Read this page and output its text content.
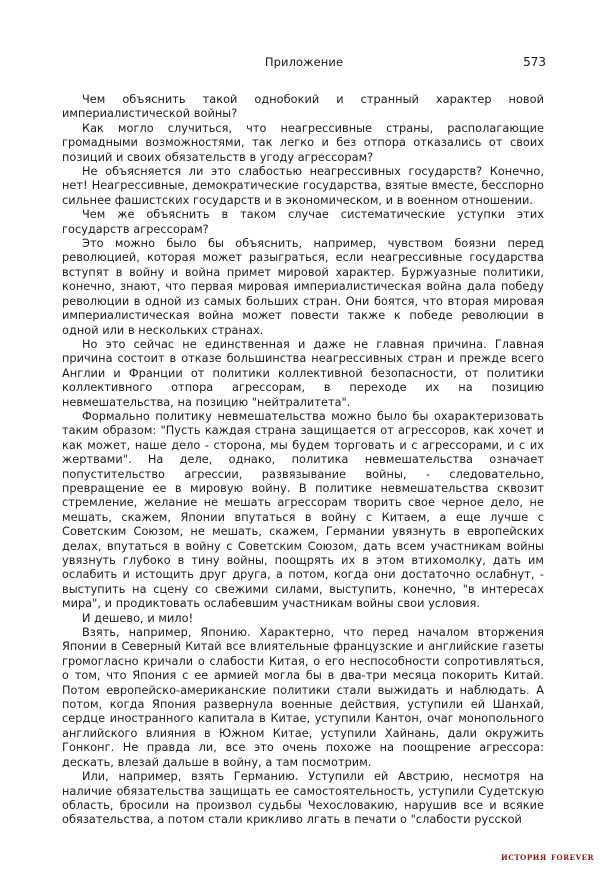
Приложение	573

Чем объяснить такой однобокий и странный характер новой империалистической войны?

Как могло случиться, что неагрессивные страны, располагающие громадными возможностями, так легко и без отпора отказались от своих позиций и своих обязательств в угоду агрессорам?

Не объясняется ли это слабостью неагрессивных государств? Конечно, нет! Неагрессивные, демократические государства, взятые вместе, бесспорно сильнее фашистских государств и в экономическом, и в военном отношении.

Чем же объяснить в таком случае систематические уступки этих государств агрессорам?

Это можно было бы объяснить, например, чувством боязни перед революцией, которая может разыграться, если неагрессивные государства вступят в войну и война примет мировой характер. Буржуазные политики, конечно, знают, что первая мировая империалистическая война дала победу революции в одной из самых больших стран. Они боятся, что вторая мировая империалистическая война может повести также к победе революции в одной или в нескольких странах.

Но это сейчас не единственная и даже не главная причина. Главная причина состоит в отказе большинства неагрессивных стран и прежде всего Англии и Франции от политики коллективной безопасности, от политики коллективного отпора агрессорам, в переходе их на позицию невмешательства, на позицию "нейтралитета".

Формально политику невмешательства можно было бы охарактеризовать таким образом: "Пусть каждая страна защищается от агрессоров, как хочет и как может, наше дело - сторона, мы будем торговать и с агрессорами, и с их жертвами". На деле, однако, политика невмешательства означает попустительство агрессии, развязывание войны, - следовательно, превращение ее в мировую войну. В политике невмешательства сквозит стремление, желание не мешать агрессорам творить свое черное дело, не мешать, скажем, Японии впутаться в войну с Китаем, а еще лучше с Советским Союзом, не мешать, скажем, Германии увязнуть в европейских делах, впутаться в войну с Советским Союзом, дать всем участникам войны увязнуть глубоко в тину войны, поощрять их в этом втихомолку, дать им ослабить и истощить друг друга, а потом, когда они достаточно ослабнут, - выступить на сцену со свежими силами, выступить, конечно, "в интересах мира", и продиктовать ослабевшим участникам войны свои условия.

И дешево, и мило!

Взять, например, Японию. Характерно, что перед началом вторжения Японии в Северный Китай все влиятельные французские и английские газеты громогласно кричали о слабости Китая, о его неспособности сопротивляться, о том, что Япония с ее армией могла бы в два-три месяца покорить Китай. Потом европейско-американские политики стали выжидать и наблюдать. А потом, когда Япония развернула военные действия, уступили ей Шанхай, сердце иностранного капитала в Китае, уступили Кантон, очаг монопольного английского влияния в Южном Китае, уступили Хайнань, дали окружить Гонконг. Не правда ли, все это очень похоже на поощрение агрессора: дескать, влезай дальше в войну, а там посмотрим.

Или, например, взять Германию. Уступили ей Австрию, несмотря на наличие обязательства защищать ее самостоятельность, уступили Судетскую область, бросили на произвол судьбы Чехословакию, нарушив все и всякие обязательства, а потом стали крикливо лгать в печати о "слабости русской

история forever
